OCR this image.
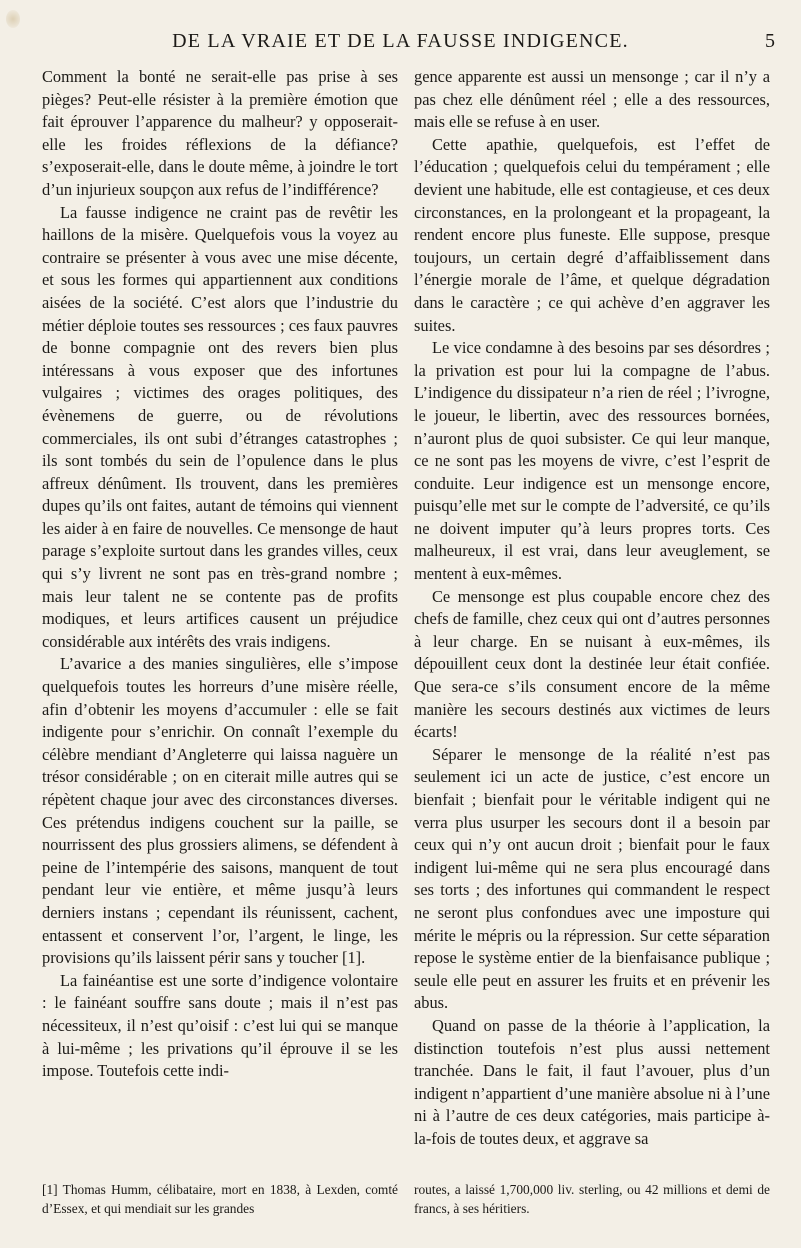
DE LA VRAIE ET DE LA FAUSSE INDIGENCE.	5

Comment la bonté ne serait-elle pas prise à ses pièges? Peut-elle résister à la première émotion que fait éprouver l’apparence du malheur? y opposerait-elle les froides réflexions de la défiance? s’exposerait-elle, dans le doute même, à joindre le tort d’un injurieux soupçon aux refus de l’indifférence?

La fausse indigence ne craint pas de revêtir les haillons de la misère. Quelquefois vous la voyez au contraire se présenter à vous avec une mise décente, et sous les formes qui appartiennent aux conditions aisées de la société. C’est alors que l’industrie du métier déploie toutes ses ressources ; ces faux pauvres de bonne compagnie ont des revers bien plus intéressans à vous exposer que des infortunes vulgaires ; victimes des orages politiques, des évènemens de guerre, ou de révolutions commerciales, ils ont subi d’étranges catastrophes ; ils sont tombés du sein de l’opulence dans le plus affreux dénûment. Ils trouvent, dans les premières dupes qu’ils ont faites, autant de témoins qui viennent les aider à en faire de nouvelles. Ce mensonge de haut parage s’exploite surtout dans les grandes villes, ceux qui s’y livrent ne sont pas en très-grand nombre ; mais leur talent ne se contente pas de profits modiques, et leurs artifices causent un préjudice considérable aux intérêts des vrais indigens.

L’avarice a des manies singulières, elle s’impose quelquefois toutes les horreurs d’une misère réelle, afin d’obtenir les moyens d’accumuler : elle se fait indigente pour s’enrichir. On connaît l’exemple du célèbre mendiant d’Angleterre qui laissa naguère un trésor considérable ; on en citerait mille autres qui se répètent chaque jour avec des circonstances diverses. Ces prétendus indigens couchent sur la paille, se nourrissent des plus grossiers alimens, se défendent à peine de l’intempérie des saisons, manquent de tout pendant leur vie entière, et même jusqu’à leurs derniers instans ; cependant ils réunissent, cachent, entassent et conservent l’or, l’argent, le linge, les provisions qu’ils laissent périr sans y toucher [1].

La fainéantise est une sorte d’indigence volontaire : le fainéant souffre sans doute ; mais il n’est pas nécessiteux, il n’est qu’oisif : c’est lui qui se manque à lui-même ; les privations qu’il éprouve il se les impose. Toutefois cette indi-

gence apparente est aussi un mensonge ; car il n’y a pas chez elle dénûment réel ; elle a des ressources, mais elle se refuse à en user.

Cette apathie, quelquefois, est l’effet de l’éducation ; quelquefois celui du tempérament ; elle devient une habitude, elle est contagieuse, et ces deux circonstances, en la prolongeant et la propageant, la rendent encore plus funeste. Elle suppose, presque toujours, un certain degré d’affaiblissement dans l’énergie morale de l’âme, et quelque dégradation dans le caractère ; ce qui achève d’en aggraver les suites.

Le vice condamne à des besoins par ses désordres ; la privation est pour lui la compagne de l’abus. L’indigence du dissipateur n’a rien de réel ; l’ivrogne, le joueur, le libertin, avec des ressources bornées, n’auront plus de quoi subsister. Ce qui leur manque, ce ne sont pas les moyens de vivre, c’est l’esprit de conduite. Leur indigence est un mensonge encore, puisqu’elle met sur le compte de l’adversité, ce qu’ils ne doivent imputer qu’à leurs propres torts. Ces malheureux, il est vrai, dans leur aveuglement, se mentent à eux-mêmes.

Ce mensonge est plus coupable encore chez des chefs de famille, chez ceux qui ont d’autres personnes à leur charge. En se nuisant à eux-mêmes, ils dépouillent ceux dont la destinée leur était confiée. Que sera-ce s’ils consument encore de la même manière les secours destinés aux victimes de leurs écarts!

Séparer le mensonge de la réalité n’est pas seulement ici un acte de justice, c’est encore un bienfait ; bienfait pour le véritable indigent qui ne verra plus usurper les secours dont il a besoin par ceux qui n’y ont aucun droit ; bienfait pour le faux indigent lui-même qui ne sera plus encouragé dans ses torts ; des infortunes qui commandent le respect ne seront plus confondues avec une imposture qui mérite le mépris ou la répression. Sur cette séparation repose le système entier de la bienfaisance publique ; seule elle peut en assurer les fruits et en prévenir les abus.

Quand on passe de la théorie à l’application, la distinction toutefois n’est plus aussi nettement tranchée. Dans le fait, il faut l’avouer, plus d’un indigent n’appartient d’une manière absolue ni à l’une ni à l’autre de ces deux catégories, mais participe à-la-fois de toutes deux, et aggrave sa

[1] Thomas Humm, célibataire, mort en 1838, à Lexden, comté d’Essex, et qui mendiait sur les grandes

routes, a laissé 1,700,000 liv. sterling, ou 42 millions et demi de francs, à ses héritiers.
